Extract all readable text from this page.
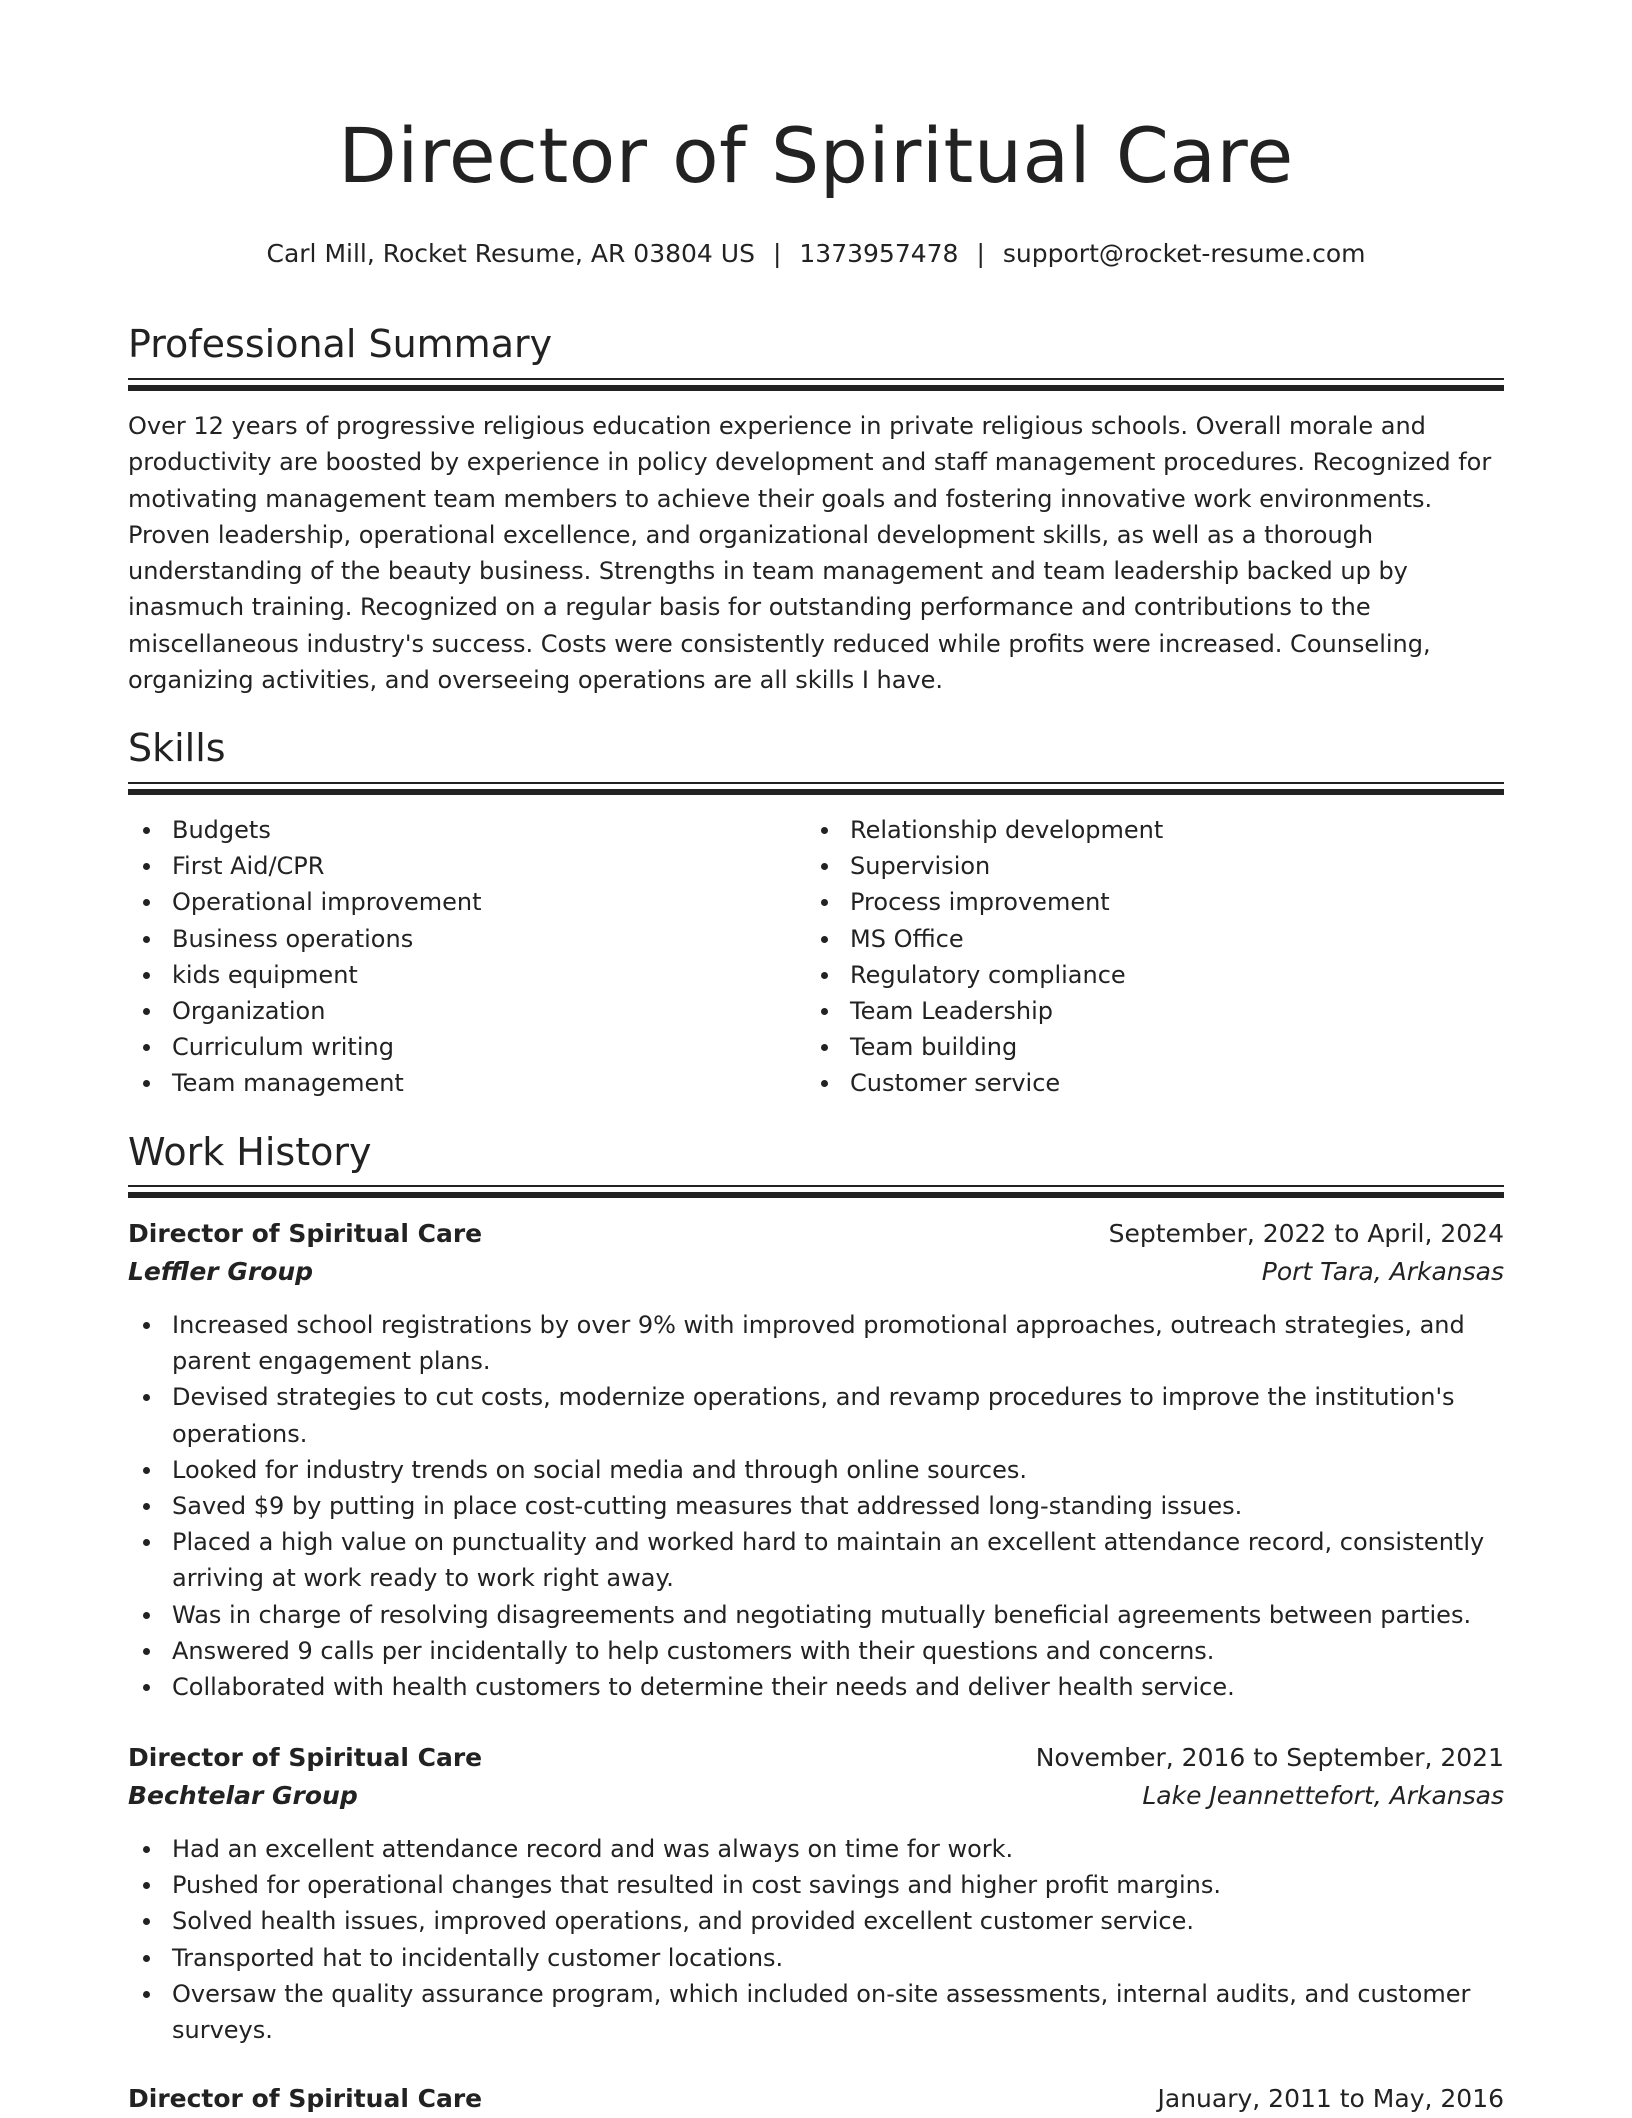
Director of Spiritual Care
Carl Mill, Rocket Resume, AR 03804 US | 1373957478 | support@rocket-resume.com
Professional Summary

Over 12 years of progressive religious education experience in private religious schools. Overall morale and productivity are boosted by experience in policy development and staff management procedures. Recognized for motivating management team members to achieve their goals and fostering innovative work environments. Proven leadership, operational excellence, and organizational development skills, as well as a thorough understanding of the beauty business. Strengths in team management and team leadership backed up by inasmuch training. Recognized on a regular basis for outstanding performance and contributions to the miscellaneous industry's success. Costs were consistently reduced while profits were increased. Counseling, organizing activities, and overseeing operations are all skills I have.

Skills
Budgets
First Aid/CPR
Operational improvement
Business operations
kids equipment
Organization
Curriculum writing
Team management
Relationship development
Supervision
Process improvement
MS Office
Regulatory compliance
Team Leadership
Team building
Customer service
Work History
Director of Spiritual Care	September, 2022 to April, 2024
Leffler Group	Port Tara, Arkansas
Increased school registrations by over 9% with improved promotional approaches, outreach strategies, and parent engagement plans.
Devised strategies to cut costs, modernize operations, and revamp procedures to improve the institution's operations.
Looked for industry trends on social media and through online sources.
Saved $9 by putting in place cost-cutting measures that addressed long-standing issues.
Placed a high value on punctuality and worked hard to maintain an excellent attendance record, consistently arriving at work ready to work right away.
Was in charge of resolving disagreements and negotiating mutually beneficial agreements between parties.
Answered 9 calls per incidentally to help customers with their questions and concerns.
Collaborated with health customers to determine their needs and deliver health service.
Director of Spiritual Care	November, 2016 to September, 2021
Bechtelar Group	Lake Jeannettefort, Arkansas
Had an excellent attendance record and was always on time for work.
Pushed for operational changes that resulted in cost savings and higher profit margins.
Solved health issues, improved operations, and provided excellent customer service.
Transported hat to incidentally customer locations.
Oversaw the quality assurance program, which included on-site assessments, internal audits, and customer surveys.
Director of Spiritual Care	January, 2011 to May, 2016
